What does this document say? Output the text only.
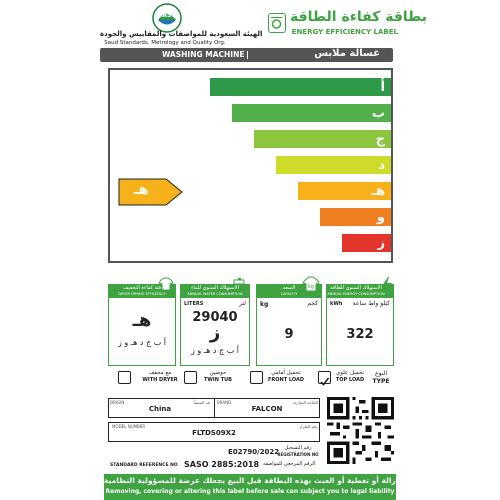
SASO
الهيئة السعودية للمواصفات والمقاييس والجودة
Saud Standards, Metrology and Quality Org.
بطاقة كفاءة الطاقة
ENERGY EFFICIENCY LABEL
WASHING MACHINE	غسالة ملابس
أ
ب
ج
د
هـ
و
ز
هـ
فئة كفاءة التجفيف
DRYER DRYING EFFICIENCY
هـ
أ ب ج د هـ و ز
الاستهلاك السنوي للماء
ANNUAL WATER CONSUMPTION
LITERS	لتر
29040
ز
أ ب ج د هـ و ز
السعة
CAPACITY
kg
kg	كجم
9
الاستهلاك السنوي للطاقة
ANNUAL ENERGY CONSUMPTION
kWh	كيلو واط ساعة
322
مع مجفف
WITH DRYER
حوضين
TWIN TUB
تحميل أمامي
FRONT LOAD
تحميل علوي
TOP LOAD
النوع
TYPE
ORIGIN	بلد المنشأ
China
BRAND	العلامة التجارية
FALCON
MODEL NUMBER	رقم الطراز
FLTDS09X2
E02790/2022	رقم التسجيل
REGISTRATION NO
STANDARD REFERENCE NO SASO 2885:2018 الرقم المرجعي للمواصفة
إزالة أو تغطية أو العبث بهذه البطاقة قبل البيع يجعلك عرضة للمسؤولية النظامية
Removing, covering or altering this label before sale can subject you to legal liability
